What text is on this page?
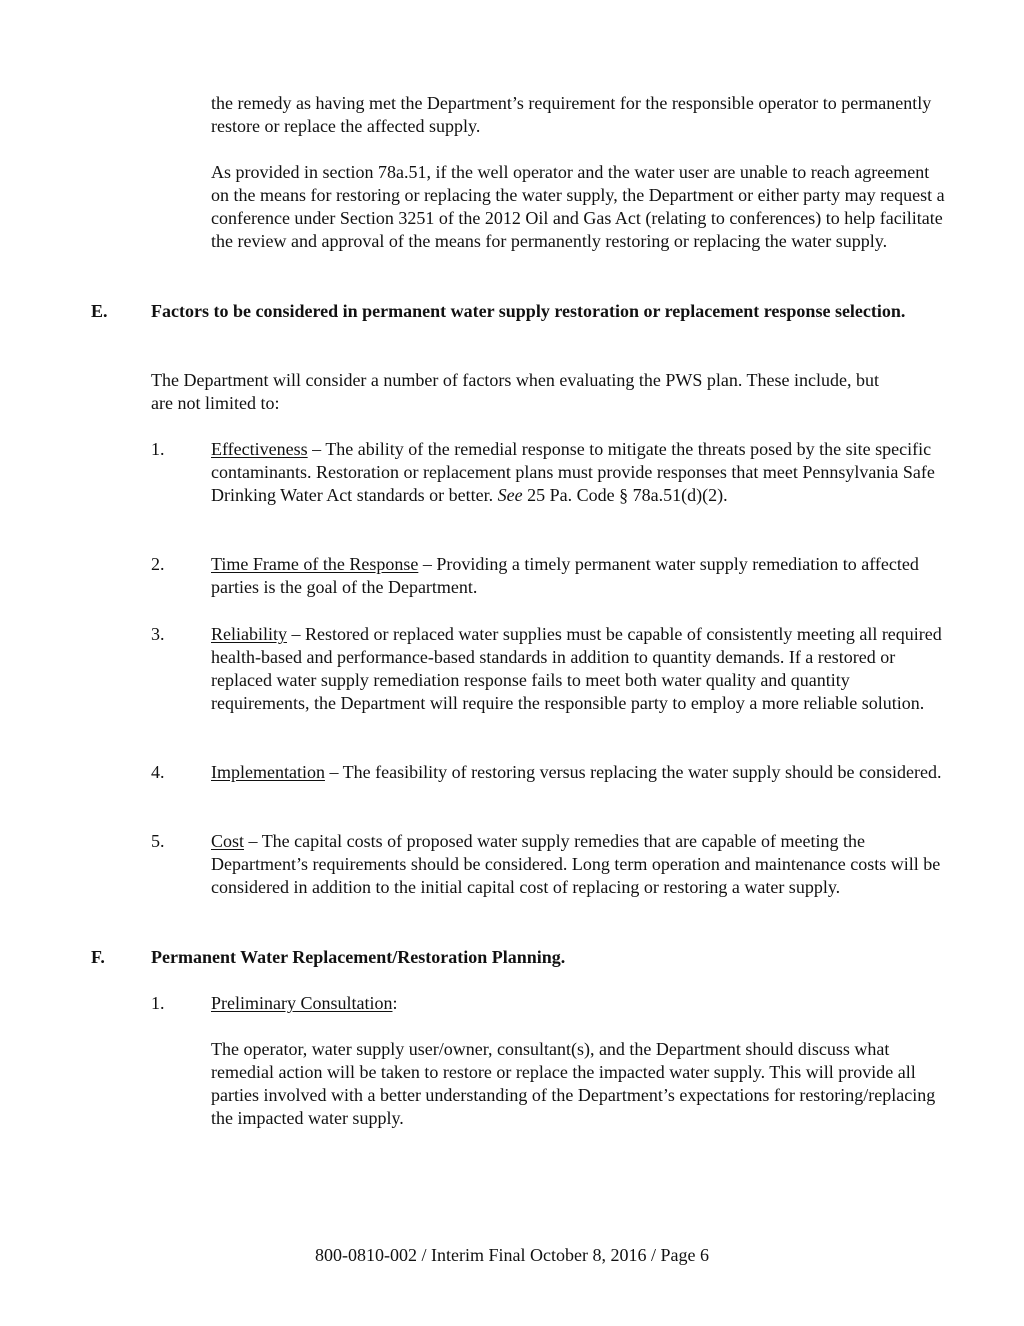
the remedy as having met the Department’s requirement for the responsible operator to permanently restore or replace the affected supply.

As provided in section 78a.51, if the well operator and the water user are unable to reach agreement on the means for restoring or replacing the water supply, the Department or either party may request a conference under Section 3251 of the 2012 Oil and Gas Act (relating to conferences) to help facilitate the review and approval of the means for permanently restoring or replacing the water supply.

E. Factors to be considered in permanent water supply restoration or replacement response selection.

The Department will consider a number of factors when evaluating the PWS plan. These include, but are not limited to:

1.	Effectiveness – The ability of the remedial response to mitigate the threats posed by the site specific contaminants. Restoration or replacement plans must provide responses that meet Pennsylvania Safe Drinking Water Act standards or better. See 25 Pa. Code § 78a.51(d)(2).
2.	Time Frame of the Response – Providing a timely permanent water supply remediation to affected parties is the goal of the Department.
3.	Reliability – Restored or replaced water supplies must be capable of consistently meeting all required health-based and performance-based standards in addition to quantity demands. If a restored or replaced water supply remediation response fails to meet both water quality and quantity requirements, the Department will require the responsible party to employ a more reliable solution.
4.	Implementation – The feasibility of restoring versus replacing the water supply should be considered.
5.	Cost – The capital costs of proposed water supply remedies that are capable of meeting the Department’s requirements should be considered. Long term operation and maintenance costs will be considered in addition to the initial capital cost of replacing or restoring a water supply.
F.	Permanent Water Replacement/Restoration Planning.
1.	Preliminary Consultation:

The operator, water supply user/owner, consultant(s), and the Department should discuss what remedial action will be taken to restore or replace the impacted water supply. This will provide all parties involved with a better understanding of the Department’s expectations for restoring/replacing the impacted water supply.

800-0810-002 / Interim Final October 8, 2016 / Page 6
